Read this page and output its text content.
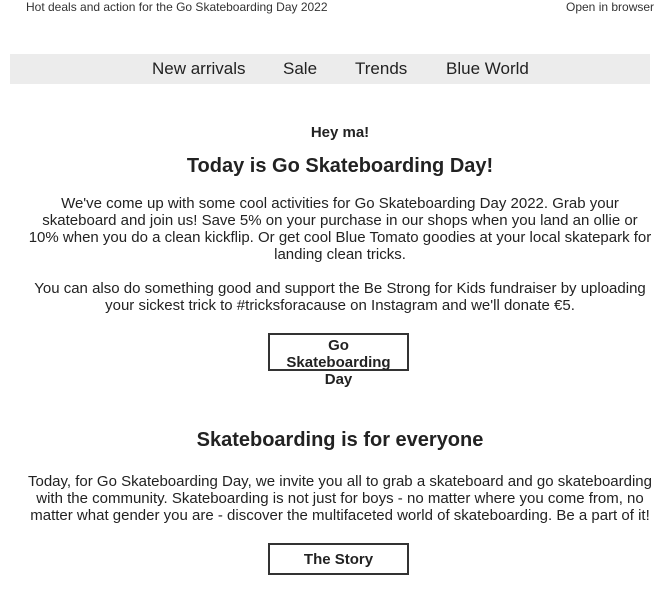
Hot deals and action for the Go Skateboarding Day 2022	Open in browser
New arrivals Sale Trends Blue World
Hey ma!
Today is Go Skateboarding Day!

We've come up with some cool activities for Go Skateboarding Day 2022. Grab your skateboard and join us! Save 5% on your purchase in our shops when you land an ollie or 10% when you do a clean kickflip. Or get cool Blue Tomato goodies at your local skatepark for landing clean tricks.

You can also do something good and support the Be Strong for Kids fundraiser by uploading your sickest trick to #tricksforacause on Instagram and we'll donate €5.

Go Skateboarding Day
Skateboarding is for everyone

Today, for Go Skateboarding Day, we invite you all to grab a skateboard and go skateboarding with the community. Skateboarding is not just for boys - no matter where you come from, no matter what gender you are - discover the multifaceted world of skateboarding. Be a part of it!

The Story
